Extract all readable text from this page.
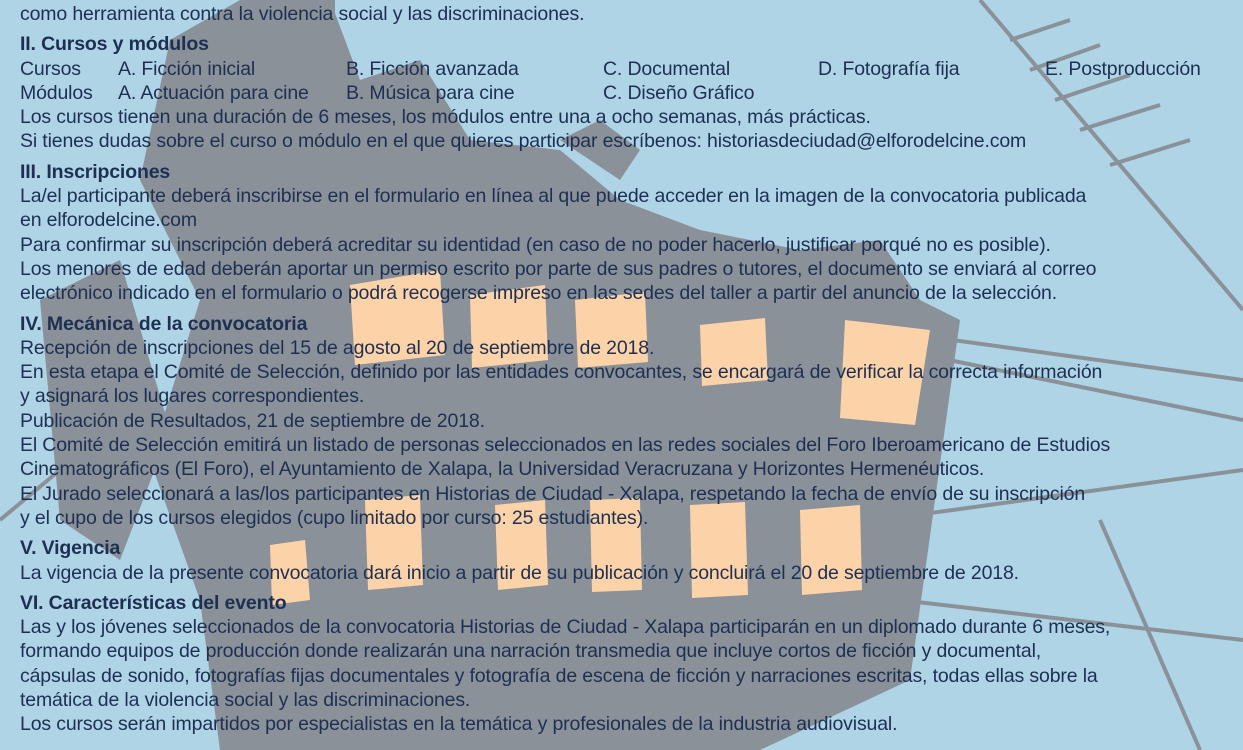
como herramienta contra la violencia social y las discriminaciones.
II. Cursos y módulos
Cursos	A. Ficción inicial	B. Ficción avanzada	C. Documental	D. Fotografía fija	E. Postproducción
Módulos	A. Actuación para cine	B. Música para cine	C. Diseño Gráfico
Los cursos tienen una duración de 6 meses, los módulos entre una a ocho semanas, más prácticas.
Si tienes dudas sobre el curso o módulo en el que quieres participar escríbenos: historiasdeciudad@elforodelcine.com
III. Inscripciones
La/el participante deberá inscribirse en el formulario en línea al que puede acceder en la imagen de la convocatoria publicada
en elforodelcine.com
Para confirmar su inscripción deberá acreditar su identidad (en caso de no poder hacerlo, justificar porqué no es posible).
Los menores de edad deberán aportar un permiso escrito por parte de sus padres o tutores, el documento se enviará al correo
electrónico indicado en el formulario o podrá recogerse impreso en las sedes del taller a partir del anuncio de la selección.
IV. Mecánica de la convocatoria
Recepción de inscripciones del 15 de agosto al 20 de septiembre de 2018.
En esta etapa el Comité de Selección, definido por las entidades convocantes, se encargará de verificar la correcta información
y asignará los lugares correspondientes.
Publicación de Resultados, 21 de septiembre de 2018.
El Comité de Selección emitirá un listado de personas seleccionados en las redes sociales del Foro Iberoamericano de Estudios
Cinematográficos (El Foro), el Ayuntamiento de Xalapa, la Universidad Veracruzana y Horizontes Hermenéuticos.
El Jurado seleccionará a las/los participantes en Historias de Ciudad - Xalapa, respetando la fecha de envío de su inscripción
y el cupo de los cursos elegidos (cupo limitado por curso: 25 estudiantes).
V. Vigencia
La vigencia de la presente convocatoria dará inicio a partir de su publicación y concluirá el 20 de septiembre de 2018.
VI. Características del evento
Las y los jóvenes seleccionados de la convocatoria Historias de Ciudad - Xalapa participarán en un diplomado durante 6 meses,
formando equipos de producción donde realizarán una narración transmedia que incluye cortos de ficción y documental,
cápsulas de sonido, fotografías fijas documentales y fotografía de escena de ficción y narraciones escritas, todas ellas sobre la
temática de la violencia social y las discriminaciones.
Los cursos serán impartidos por especialistas en la temática y profesionales de la industria audiovisual.
